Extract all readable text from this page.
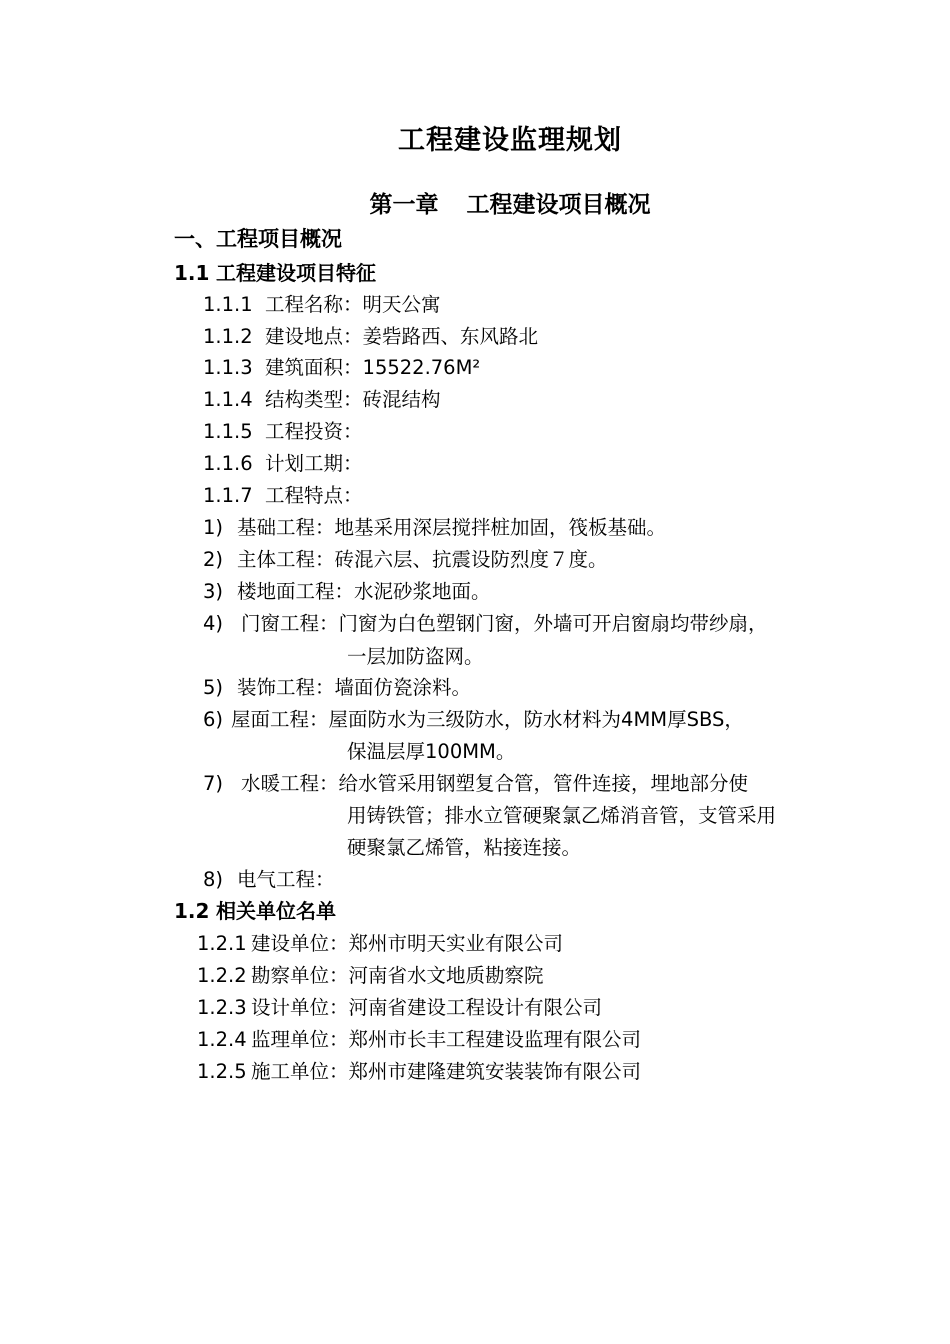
工程建设监理规划
第一章 工程建设项目概况
一、工程项目概况
1.1 工程建设项目特征
1.1.1 工程名称：明天公寓
1.1.2 建设地点：姜砦路西、东风路北
1.1.3 建筑面积：15522.76M²
1.1.4 结构类型：砖混结构
1.1.5 工程投资：
1.1.6 计划工期：
1.1.7 工程特点：
1) 基础工程：地基采用深层搅拌桩加固，筏板基础。
2) 主体工程：砖混六层、抗震设防烈度７度。
3) 楼地面工程：水泥砂浆地面。
4) 门窗工程：门窗为白色塑钢门窗，外墙可开启窗扇均带纱扇，
一层加防盗网。
5) 装饰工程：墙面仿瓷涂料。
6) 屋面工程：屋面防水为三级防水，防水材料为4MM厚SBS，
保温层厚100MM。
7) 水暖工程：给水管采用钢塑复合管，管件连接，埋地部分使
用铸铁管；排水立管硬聚氯乙烯消音管，支管采用
硬聚氯乙烯管，粘接连接。
8) 电气工程：
1.2 相关单位名单
1.2.1 建设单位：郑州市明天实业有限公司
1.2.2 勘察单位：河南省水文地质勘察院
1.2.3 设计单位：河南省建设工程设计有限公司
1.2.4 监理单位：郑州市长丰工程建设监理有限公司
1.2.5 施工单位：郑州市建隆建筑安装装饰有限公司
